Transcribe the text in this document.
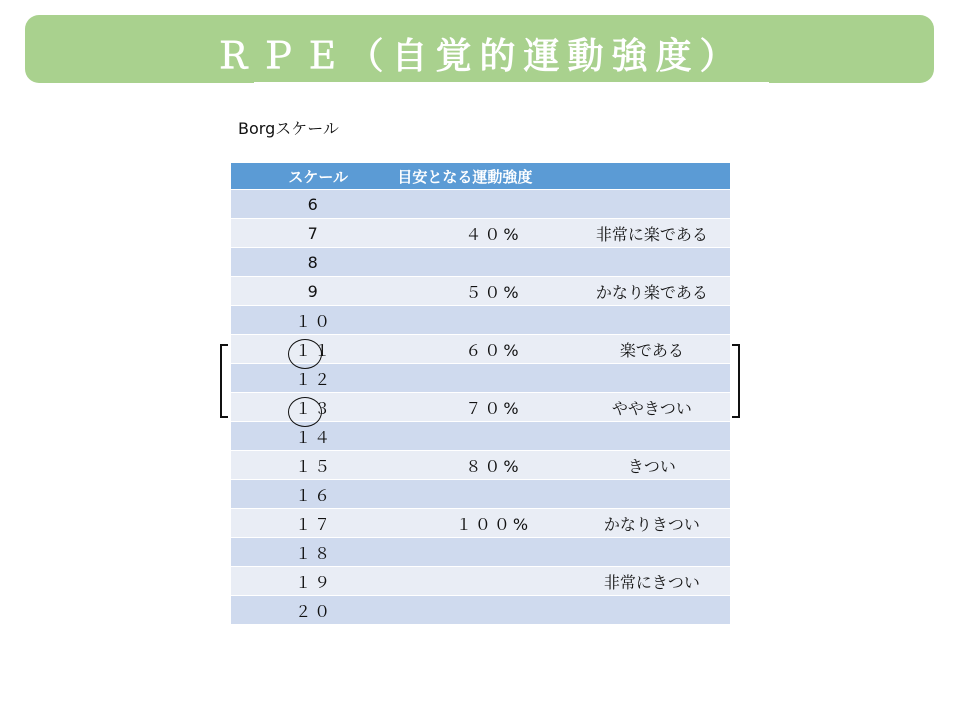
ＲＰＥ（自覚的運動強度）
Borgスケール
スケール	目安となる運動強度	
6		
7	４０%	非常に楽である
8		
9	５０%	かなり楽である
１０		
１１	６０%	楽である
１２		
１３	７０%	ややきつい
１４		
１５	８０%	きつい
１６		
１７	１００%	かなりきつい
１８		
１９		非常にきつい
２０		
